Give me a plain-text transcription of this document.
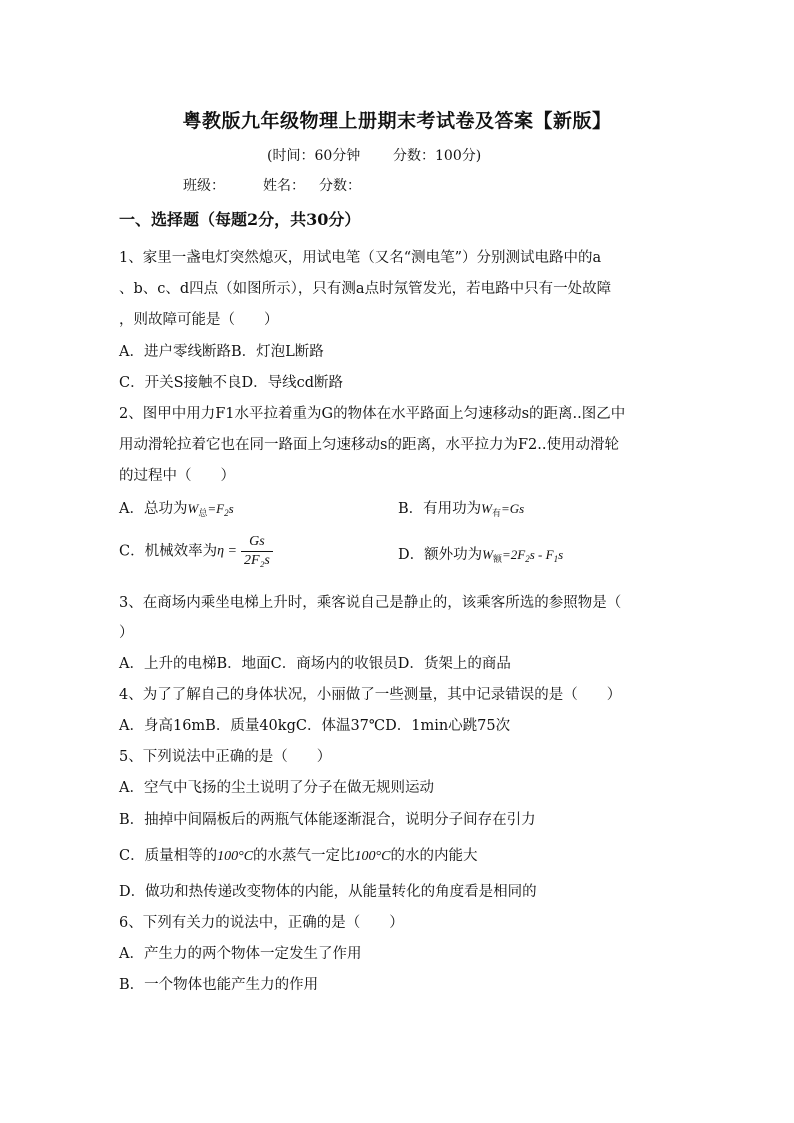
粤教版九年级物理上册期末考试卷及答案【新版】
(时间：60分钟 分数：100分)
班级：	姓名： 分数：
一、选择题（每题2分，共30分）
1、家里一盏电灯突然熄灭，用试电笔（又名“测电笔”）分别测试电路中的a
、b、c、d四点（如图所示），只有测a点时氖管发光，若电路中只有一处故障
，则故障可能是（　　）
A．进户零线断路B．灯泡L断路
C．开关S接触不良D．导线cd断路
2、图甲中用力F1水平拉着重为G的物体在水平路面上匀速移动s的距离..图乙中
用动滑轮拉着它也在同一路面上匀速移动s的距离，水平拉力为F2..使用动滑轮
的过程中（　　）
A．总功为$W_总=F_2s$	B．有用功为$W_有=Gs$
C．机械效率为$\eta = \frac{Gs}{\text{2F₂s}}$	D．额外功为$W_额=2F_2s - F_1s$
3、在商场内乘坐电梯上升时，乘客说自己是静止的，该乘客所选的参照物是（
）
A．上升的电梯B．地面C．商场内的收银员D．货架上的商品
4、为了了解自己的身体状况，小丽做了一些测量，其中记录错误的是（　　）
A．身高16mB．质量40kgC．体温37℃D．1min心跳75次
5、下列说法中正确的是（　　）
A．空气中飞扬的尘土说明了分子在做无规则运动
B．抽掉中间隔板后的两瓶气体能逐渐混合，说明分子间存在引力
C．质量相等的100°C的水蒸气一定比100°C的水的内能大
D．做功和热传递改变物体的内能，从能量转化的角度看是相同的
6、下列有关力的说法中，正确的是（　　）
A．产生力的两个物体一定发生了作用
B．一个物体也能产生力的作用
